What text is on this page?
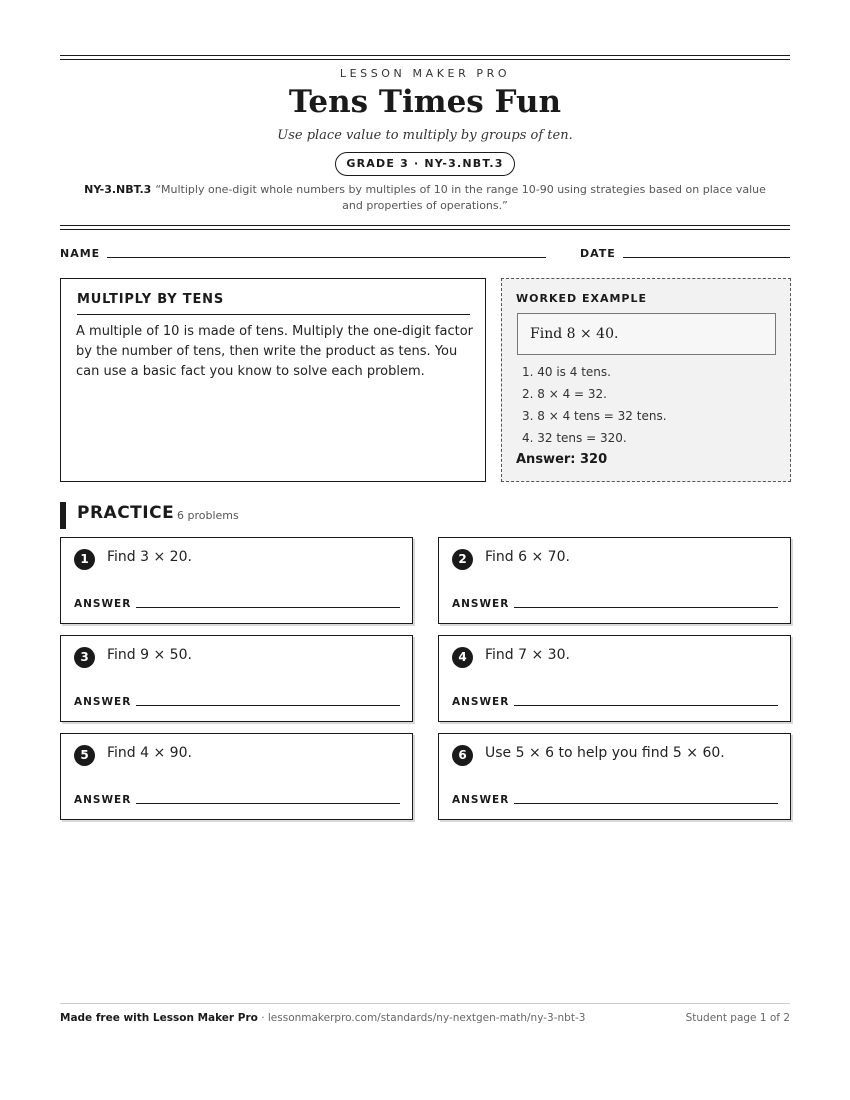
LESSON MAKER PRO
Tens Times Fun
Use place value to multiply by groups of ten.
GRADE 3 · NY-3.NBT.3
NY-3.NBT.3 “Multiply one-digit whole numbers by multiples of 10 in the range 10-90 using strategies based on place value and properties of operations.”
NAME	DATE
MULTIPLY BY TENS
A multiple of 10 is made of tens. Multiply the one-digit factor by the number of tens, then write the product as tens. You can use a basic fact you know to solve each problem.
WORKED EXAMPLE
Find 8 × 40.
1. 40 is 4 tens.
2. 8 × 4 = 32.
3. 8 × 4 tens = 32 tens.
4. 32 tens = 320.
Answer: 320
PRACTICE 6 problems
1	Find 3 × 20.
ANSWER
2	Find 6 × 70.
ANSWER
3	Find 9 × 50.
ANSWER
4	Find 7 × 30.
ANSWER
5	Find 4 × 90.
ANSWER
6	Use 5 × 6 to help you find 5 × 60.
ANSWER
Made free with Lesson Maker Pro · lessonmakerpro.com/standards/ny-nextgen-math/ny-3-nbt-3	Student page 1 of 2
